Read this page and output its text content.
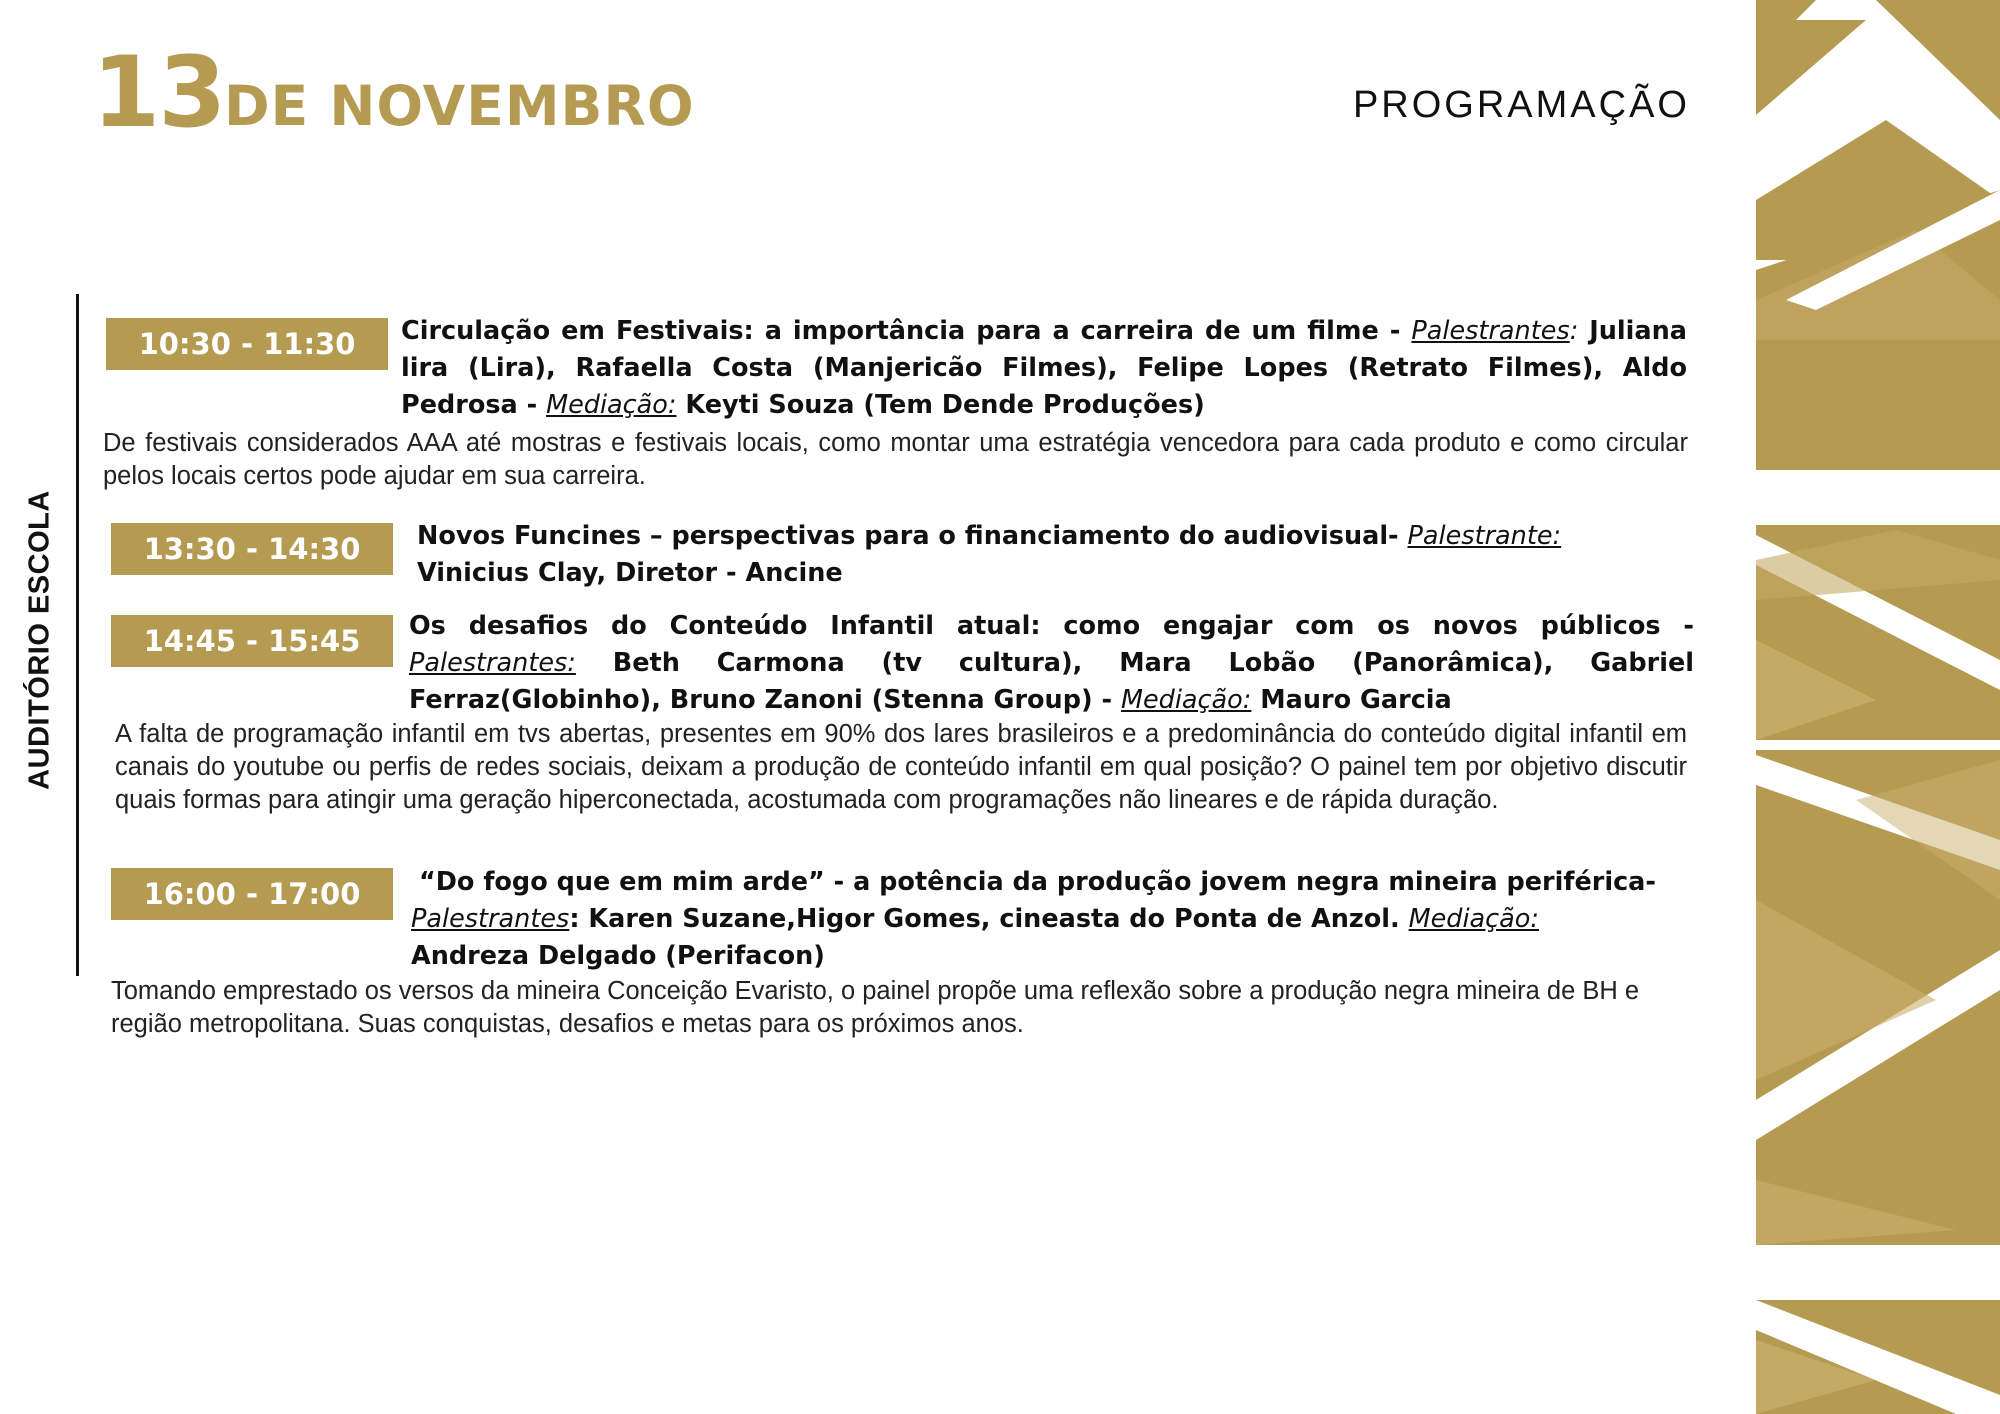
13 DE NOVEMBRO	PROGRAMAÇÃO
AUDITÓRIO ESCOLA
10:30 - 11:30	Circulação em Festivais: a importância para a carreira de um filme - Palestrantes: Juliana lira (Lira), Rafaella Costa (Manjericão Filmes), Felipe Lopes (Retrato Filmes), Aldo Pedrosa - Mediação: Keyti Souza (Tem Dende Produções)
De festivais considerados AAA até mostras e festivais locais, como montar uma estratégia vencedora para cada produto e como circular pelos locais certos pode ajudar em sua carreira.
13:30 - 14:30	Novos Funcines – perspectivas para o financiamento do audiovisual- Palestrante: Vinicius Clay, Diretor - Ancine
14:45 - 15:45	Os desafios do Conteúdo Infantil atual: como engajar com os novos públicos - Palestrantes: Beth Carmona (tv cultura), Mara Lobão (Panorâmica), Gabriel Ferraz(Globinho), Bruno Zanoni (Stenna Group) - Mediação: Mauro Garcia
A falta de programação infantil em tvs abertas, presentes em 90% dos lares brasileiros e a predominância do conteúdo digital infantil em canais do youtube ou perfis de redes sociais, deixam a produção de conteúdo infantil em qual posição? O painel tem por objetivo discutir quais formas para atingir uma geração hiperconectada, acostumada com programações não lineares e de rápida duração.
16:00 - 17:00	“Do fogo que em mim arde” - a potência da produção jovem negra mineira periférica- Palestrantes: Karen Suzane,Higor Gomes, cineasta do Ponta de Anzol. Mediação: Andreza Delgado (Perifacon)
Tomando emprestado os versos da mineira Conceição Evaristo, o painel propõe uma reflexão sobre a produção negra mineira de BH e região metropolitana. Suas conquistas, desafios e metas para os próximos anos.
